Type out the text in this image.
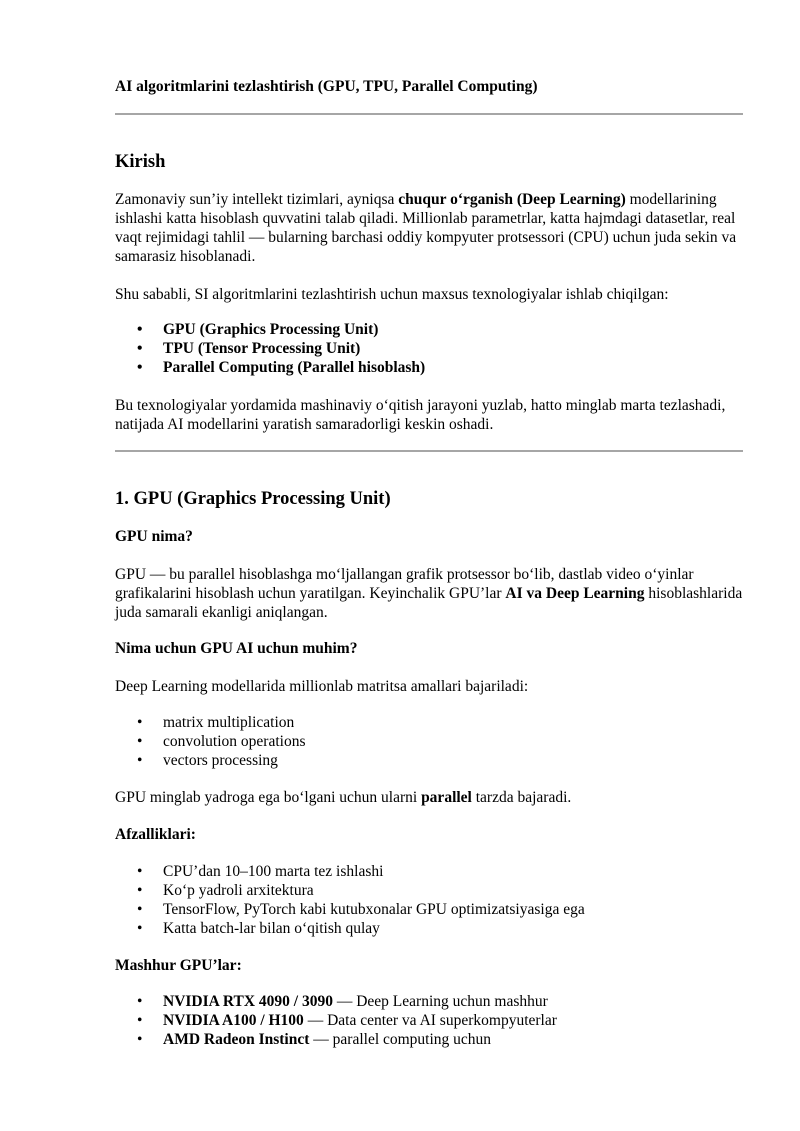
AI algoritmlarini tezlashtirish (GPU, TPU, Parallel Computing)
Kirish

Zamonaviy sun’iy intellekt tizimlari, ayniqsa chuqur o‘rganish (Deep Learning) modellarining ishlashi katta hisoblash quvvatini talab qiladi. Millionlab parametrlar, katta hajmdagi datasetlar, real vaqt rejimidagi tahlil — bularning barchasi oddiy kompyuter protsessori (CPU) uchun juda sekin va samarasiz hisoblanadi.

Shu sababli, SI algoritmlarini tezlashtirish uchun maxsus texnologiyalar ishlab chiqilgan:

• GPU (Graphics Processing Unit)
• TPU (Tensor Processing Unit)
• Parallel Computing (Parallel hisoblash)

Bu texnologiyalar yordamida mashinaviy o‘qitish jarayoni yuzlab, hatto minglab marta tezlashadi, natijada AI modellarini yaratish samaradorligi keskin oshadi.

1. GPU (Graphics Processing Unit)
GPU nima?

GPU — bu parallel hisoblashga mo‘ljallangan grafik protsessor bo‘lib, dastlab video o‘yinlar grafikalarini hisoblash uchun yaratilgan. Keyinchalik GPU’lar AI va Deep Learning hisoblashlarida juda samarali ekanligi aniqlangan.

Nima uchun GPU AI uchun muhim?

Deep Learning modellarida millionlab matritsa amallari bajariladi:

• matrix multiplication
• convolution operations
• vectors processing

GPU minglab yadroga ega bo‘lgani uchun ularni parallel tarzda bajaradi.

Afzalliklari:
• CPU’dan 10–100 marta tez ishlashi
• Ko‘p yadroli arxitektura
• TensorFlow, PyTorch kabi kutubxonalar GPU optimizatsiyasiga ega
• Katta batch-lar bilan o‘qitish qulay
Mashhur GPU’lar:
• NVIDIA RTX 4090 / 3090 — Deep Learning uchun mashhur
• NVIDIA A100 / H100 — Data center va AI superkompyuterlar
• AMD Radeon Instinct — parallel computing uchun
